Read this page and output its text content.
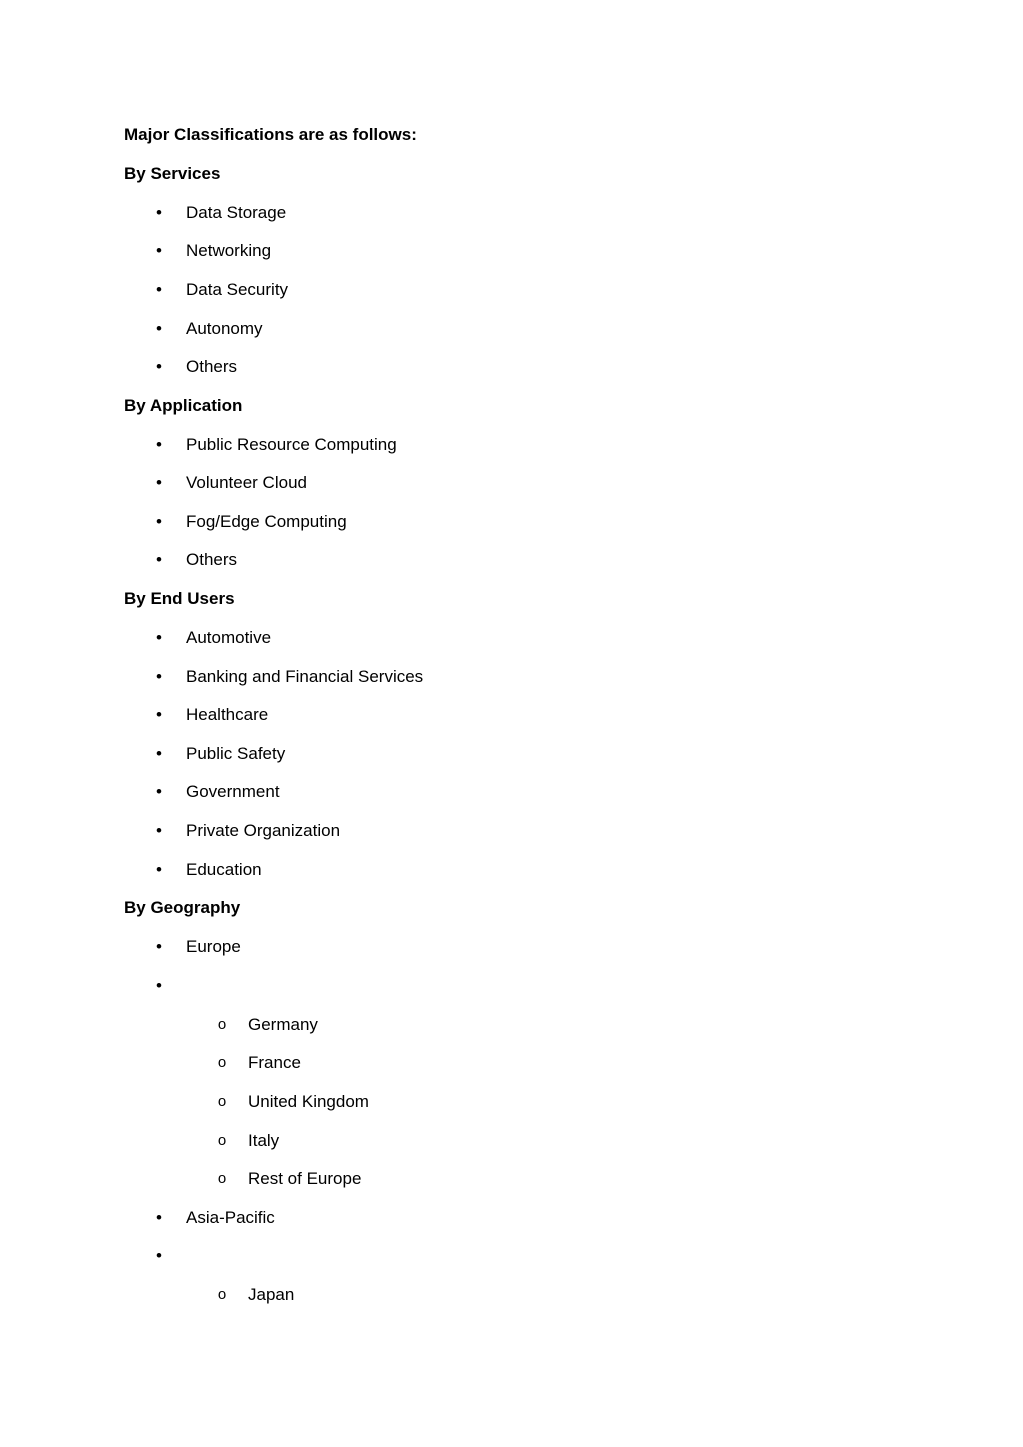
Major Classifications are as follows:
By Services
• Data Storage
• Networking
• Data Security
• Autonomy
• Others
By Application
• Public Resource Computing
• Volunteer Cloud
• Fog/Edge Computing
• Others
By End Users
• Automotive
• Banking and Financial Services
• Healthcare
• Public Safety
• Government
• Private Organization
• Education
By Geography
• Europe
•
o Germany
o France
o United Kingdom
o Italy
o Rest of Europe
• Asia-Pacific
•
o Japan
